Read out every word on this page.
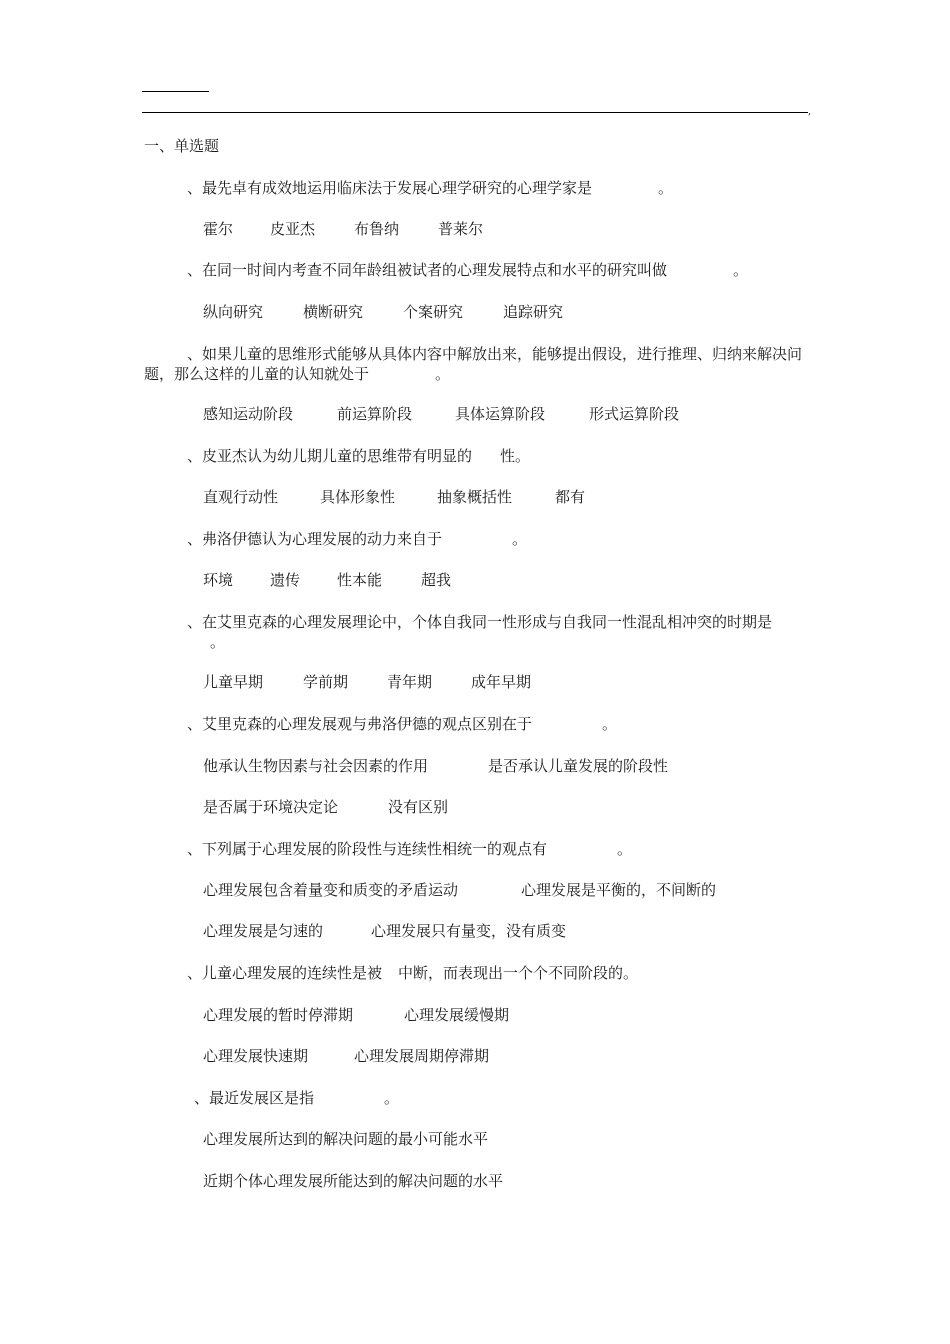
,
一、单选题
、最先卓有成效地运用临床法于发展心理学研究的心理学家是	。
霍尔 皮亚杰	布鲁纳	普莱尔
、在同一时间内考查不同年龄组被试者的心理发展特点和水平的研究叫做	。
纵向研究	横断研究	个案研究	追踪研究
、如果儿童的思维形式能够从具体内容中解放出来，能够提出假设，进行推理、归纳来解决问题，那么这样的儿童的认知就处于	。
感知运动阶段	前运算阶段	具体运算阶段	形式运算阶段
、皮亚杰认为幼儿期儿童的思维带有明显的 性。
直观行动性	具体形象性	抽象概括性	都有
、弗洛伊德认为心理发展的动力来自于	。
环境 遗传 性本能	超我
、在艾里克森的心理发展理论中，个体自我同一性形成与自我同一性混乱相冲突的时期是。
儿童早期	学前期	青年期	成年早期
、艾里克森的心理发展观与弗洛伊德的观点区别在于	。
他承认生物因素与社会因素的作用	是否承认儿童发展的阶段性
是否属于环境决定论	没有区别
、下列属于心理发展的阶段性与连续性相统一的观点有	。
心理发展包含着量变和质变的矛盾运动	心理发展是平衡的，不间断的
心理发展是匀速的	心理发展只有量变，没有质变
、儿童心理发展的连续性是被 中断，而表现出一个个不同阶段的。
心理发展的暂时停滞期	心理发展缓慢期
心理发展快速期	心理发展周期停滞期
、最近发展区是指	。
心理发展所达到的解决问题的最小可能水平
近期个体心理发展所能达到的解决问题的水平
